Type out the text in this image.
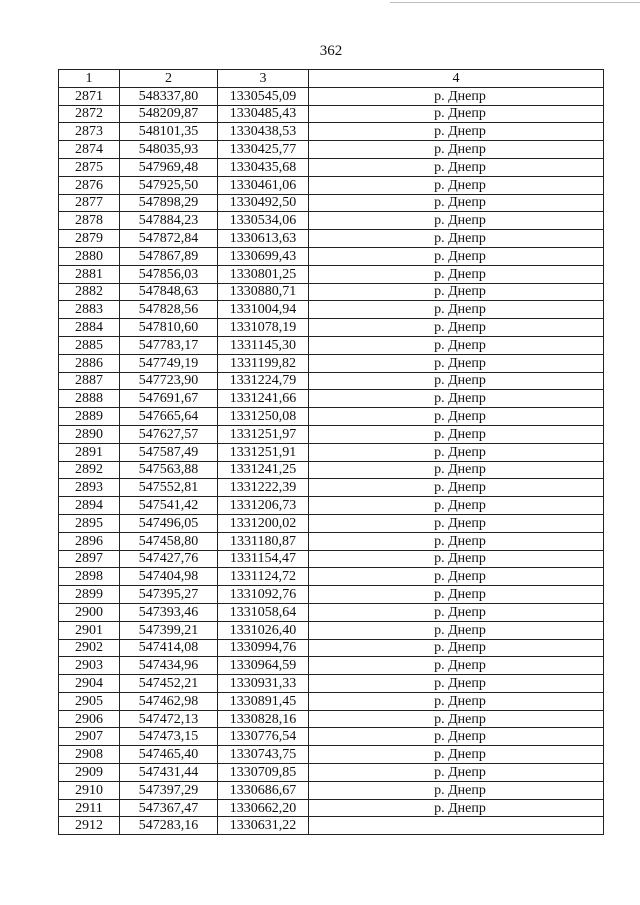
362
1	2	3	4
2871	548337,80	1330545,09	р. Днепр
2872	548209,87	1330485,43	р. Днепр
2873	548101,35	1330438,53	р. Днепр
2874	548035,93	1330425,77	р. Днепр
2875	547969,48	1330435,68	р. Днепр
2876	547925,50	1330461,06	р. Днепр
2877	547898,29	1330492,50	р. Днепр
2878	547884,23	1330534,06	р. Днепр
2879	547872,84	1330613,63	р. Днепр
2880	547867,89	1330699,43	р. Днепр
2881	547856,03	1330801,25	р. Днепр
2882	547848,63	1330880,71	р. Днепр
2883	547828,56	1331004,94	р. Днепр
2884	547810,60	1331078,19	р. Днепр
2885	547783,17	1331145,30	р. Днепр
2886	547749,19	1331199,82	р. Днепр
2887	547723,90	1331224,79	р. Днепр
2888	547691,67	1331241,66	р. Днепр
2889	547665,64	1331250,08	р. Днепр
2890	547627,57	1331251,97	р. Днепр
2891	547587,49	1331251,91	р. Днепр
2892	547563,88	1331241,25	р. Днепр
2893	547552,81	1331222,39	р. Днепр
2894	547541,42	1331206,73	р. Днепр
2895	547496,05	1331200,02	р. Днепр
2896	547458,80	1331180,87	р. Днепр
2897	547427,76	1331154,47	р. Днепр
2898	547404,98	1331124,72	р. Днепр
2899	547395,27	1331092,76	р. Днепр
2900	547393,46	1331058,64	р. Днепр
2901	547399,21	1331026,40	р. Днепр
2902	547414,08	1330994,76	р. Днепр
2903	547434,96	1330964,59	р. Днепр
2904	547452,21	1330931,33	р. Днепр
2905	547462,98	1330891,45	р. Днепр
2906	547472,13	1330828,16	р. Днепр
2907	547473,15	1330776,54	р. Днепр
2908	547465,40	1330743,75	р. Днепр
2909	547431,44	1330709,85	р. Днепр
2910	547397,29	1330686,67	р. Днепр
2911	547367,47	1330662,20	р. Днепр
2912	547283,16	1330631,22	
